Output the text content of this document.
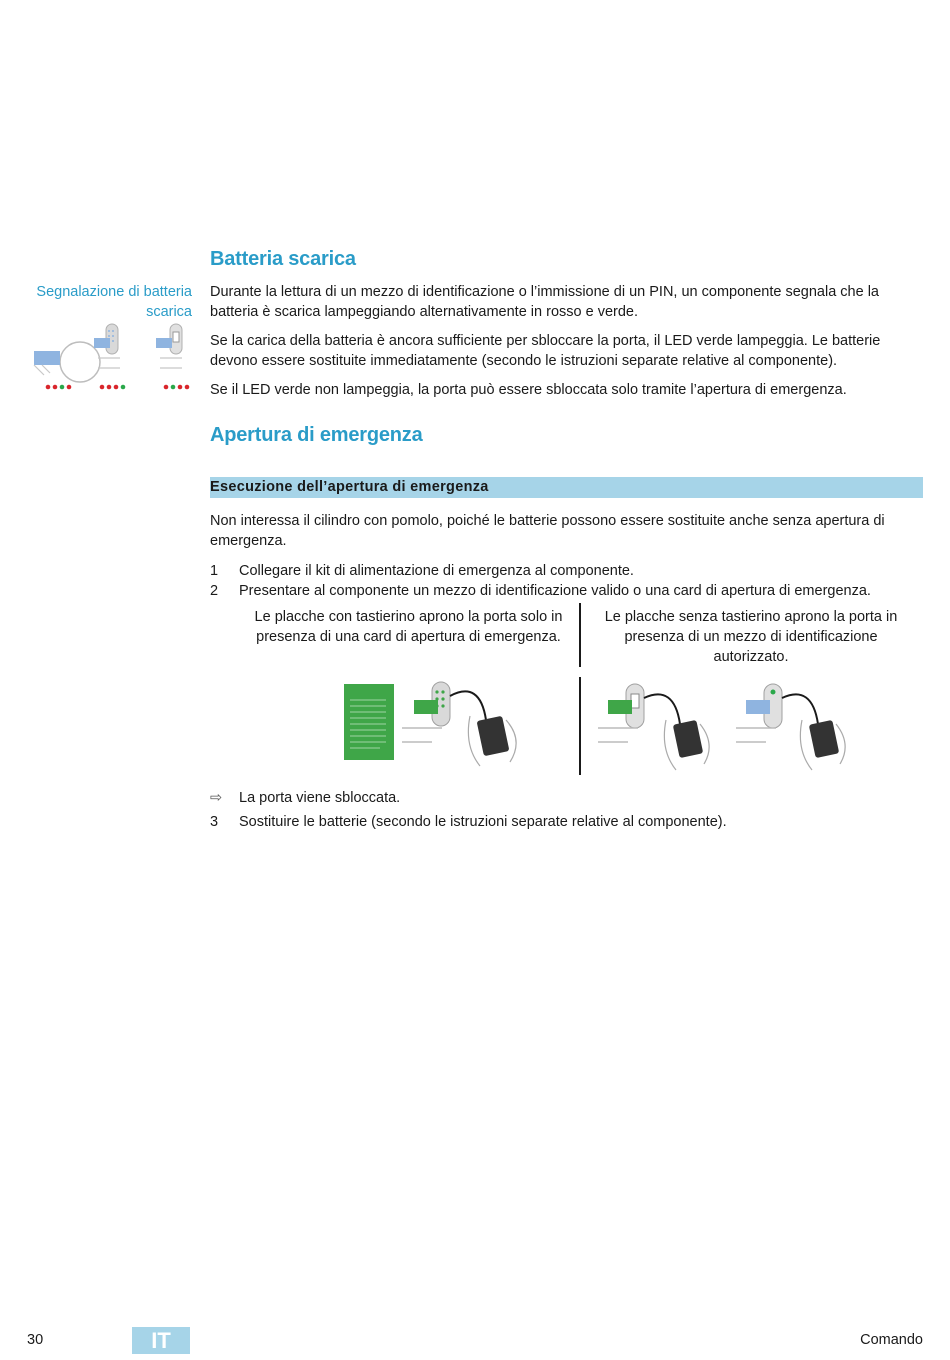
Batteria scarica
Segnalazione di batteria scarica
Durante la lettura di un mezzo di identificazione o l’immissione di un PIN, un componente segnala che la batteria è scarica lampeggiando alternativamente in rosso e verde.
Se la carica della batteria è ancora sufficiente per sbloccare la porta, il LED verde lampeggia. Le batterie devono essere sostituite immediatamente (secondo le istruzioni separate relative al componente).
Se il LED verde non lampeggia, la porta può essere sbloccata solo tramite l’apertura di emergenza.
Apertura di emergenza
Esecuzione dell’apertura di emergenza
Non interessa il cilindro con pomolo, poiché le batterie possono essere sostituite anche senza apertura di emergenza.
1	Collegare il kit di alimentazione di emergenza al componente.
2	Presentare al componente un mezzo di identificazione valido o una card di apertura di emergenza.
Le placche con tastierino aprono la porta solo in presenza di una card di apertura di emergenza.
Le placche senza tastierino aprono la porta in presenza di un mezzo di identificazione autorizzato.
⇨	La porta viene sbloccata.
3	Sostituire le batterie (secondo le istruzioni separate relative al componente).
30	IT	Comando
